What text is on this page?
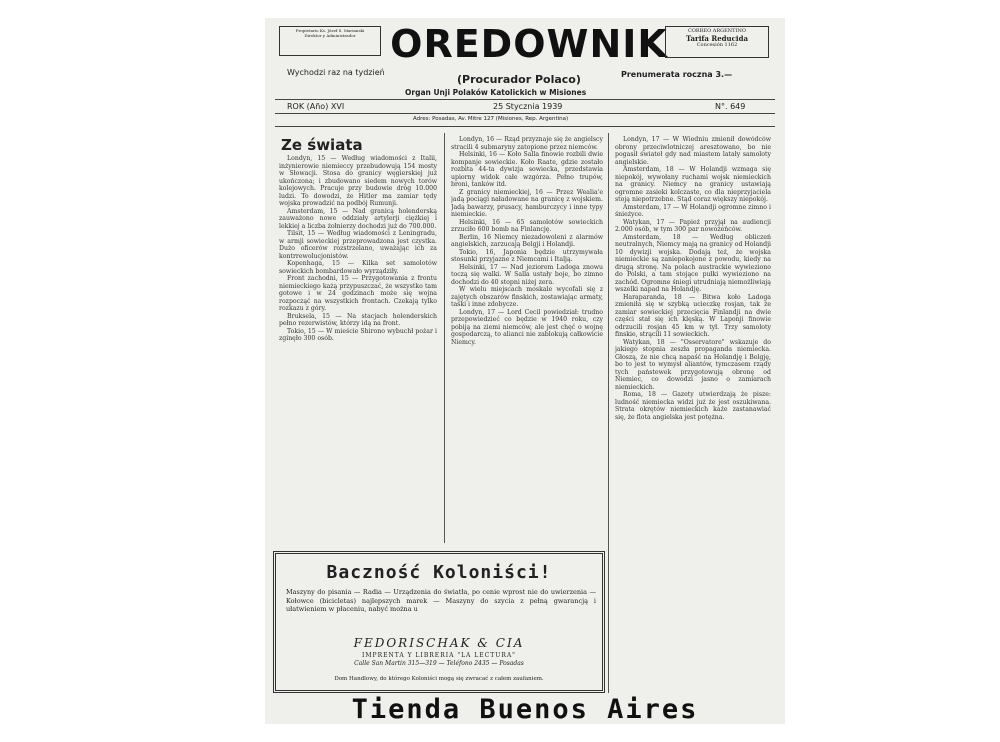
Propietario Ks. Józef S. Marianski
Direktor y Administrador OREDOWNIK	CORREO ARGENTINO
Tarifa Reducida
Concesión 1162
Wychodzi raz na tydzień
(Procurador Polaco)	Prenumerata roczna 3.—
Organ Unji Polaków Katolickich w Misiones
ROK (Año) XVI	25 Stycznia 1939	N°. 649
Adres: Posadas, Av. Mitre 127 (Misiones, Rep. Argentina)
Ze świata

Londyn, 15 — Według wiadomości z Italii, inżynierowie niemieccy przebudowują 154 mosty w Słowacji. Stosa do granicy węgierskiej już ukończona; i zbudowano siedem nowych torów kolejowych. Pracuje przy budowie dróg 10.000 ludzi. To dowodzi, że Hitler ma zamiar tędy wojska prowadzić na podbój Rumunji.

Amsterdam, 15 — Nad granicą holenderską zauważono nowe oddziały artylerji ciężkiej i lekkiej a liczba żołnierzy dochodzi już do 700.000.

Tilsit, 15 — Według wiadomości z Leningradu, w armji sowieckiej przeprowadzona jest czystka. Dużo oficerów rozstrzelano, uważając ich za kontrrewolucjonistów.

Kopenhaga, 15 — Kilka set samolotów sowieckich bombardowało wyrządziły.

Front zachodni, 15 — Przygotowania z frontu niemieckiego każą przypuszczać, że wszystko tam gotowe i w 24 godzinach może się wojna rozpocząć na wszystkich frontach. Czekają tylko rozkazu z góry.

Bruksela, 15 — Na stacjach holenderskich pełno rezerwistów, którzy idą na front.

Tokio, 15 — W mieście Shirono wybuchł pożar i zginęło 300 osób.

Londyn, 16 — Rząd przyznaje się że angielscy stracili 4 submaryny zatopione przez niemców.

Helsinki, 16 — Koło Salla finowie rozbili dwie kompanje sowieckie. Koło Raate, gdzie zostało rozbita 44-ta dywizja sowiecka, przedstawia upiorny widok całe wzgórza. Pełno trupów, broni, tanków itd.

Z granicy niemieckiej, 16 — Przez Wealia'e jadą pociągi naładowane na granicę z wojskiem. Jadą bawarzy, prusacy, hamburczycy i inne typy niemieckie.

Helsinki, 16 — 65 samolotów sowieckich zrzuciło 600 bomb na Finlancję.

Berlin, 16 Niemcy niezadowoleni z alarmów angielskich, zarzucają Belgji i Holandji.

Tokio, 16, Japonia będzie utrzymywała stosunki przyjazne z Niemcami i Italją.

Helsinki, 17 — Nad jeziorem Ladoga znowu toczą się walki. W Salla ustały boje, bo zimno dochodzi do 40 stopni niżej zera.

W wielu miejscach moskale wycofali się z zajętych obszarów finskich, zostawiając armaty, taśki i inne zdobycze.

Londyn, 17 — Lord Cecil powiedział: trudno przepowiedzieć co będzie w 1940 roku, czy pobiją na ziemi niemców, ale jest chęć o wojnę gospodarczą, to alianci nie zablokują całkowicie Niemcy.

Londyn, 17 — W Wiedniu zmienił dowódców obrony przeciwlotniczej aresztowano, bo nie pogasił świateł gdy nad miastem latały samoloty angielskie.

Amsterdam, 18 — W Holandji wzmaga się niepokój, wywołany ruchami wojsk niemieckich na granicy. Niemcy na granicy ustawiają ogromne zasieki kolczaste, co dla nieprzyjaciela stoją niepotrzebne. Stąd coraz większy niepokój.

Amsterdam, 17 — W Holandji ogromne zimno i śnieżyce.

Watykan, 17 — Papież przyjął na audiencji 2.000 osób, w tym 300 par nowożeńców.

Amsterdam, 18 — Według obliczeń neutralnych, Niemcy mają na granicy od Holandji 10 dywizji wojska. Dodają też, że wojska niemieckie są zaniepokojone z powodu, kiedy na drugą stronę. Na polach austrackie wywieziono do Polski, a tam stojące pułki wywieziono na zachód. Ogromne śniegi utrudniają niemożliwiają wszelki napad na Holandję.

Haraparanda, 18 — Bitwa koło Ladoga zmieniła się w szybką ucieczkę rosjan, tak że zamiar sowieckiej przecięcia Finlandji na dwie części stał się ich klęską. W Laponji finowie odrzucili rosjan 45 km w tył. Trzy samoloty finskie, strącili 11 sowieckich.

Watykan, 18 — "Osservatore" wskazuje do jakiego stopnia zeszła propaganda niemiecka. Głoszą, że nie chcą napaść na Holandję i Belgję, bo to jest to wymysł aliantów, tymczasem rządy tych państewek przygotowują obronę od Niemiec, co dowodzi jasno o zamiarach niemieckich.

Roma, 18 — Gazety utwierdzają że pisze: ludność niemiecka widzi już że jest oszukiwana. Strata okrętów niemieckich każe zastanawiać się, że flota angielska jest potężna.

Baczność Koloniści!
Maszyny do pisania — Radia — Urządzenia do światła, po cenie wprost nie do uwierzenia — Kołowce (bicicletas) najlepszych marek — Maszyny do szycia z pełną gwarancją i ułatwieniem w płaceniu, nabyć można u
FEDORISCHAK & CIA
IMPRENTA Y LIBRERIA "LA LECTURA"
Calle San Martin 315—319 — Teléfono 2435 — Posadas
Dom Handlowy, do którego Koloniści mogą się zwracać z całem zaufaniem.
Tienda Buenos Aires
